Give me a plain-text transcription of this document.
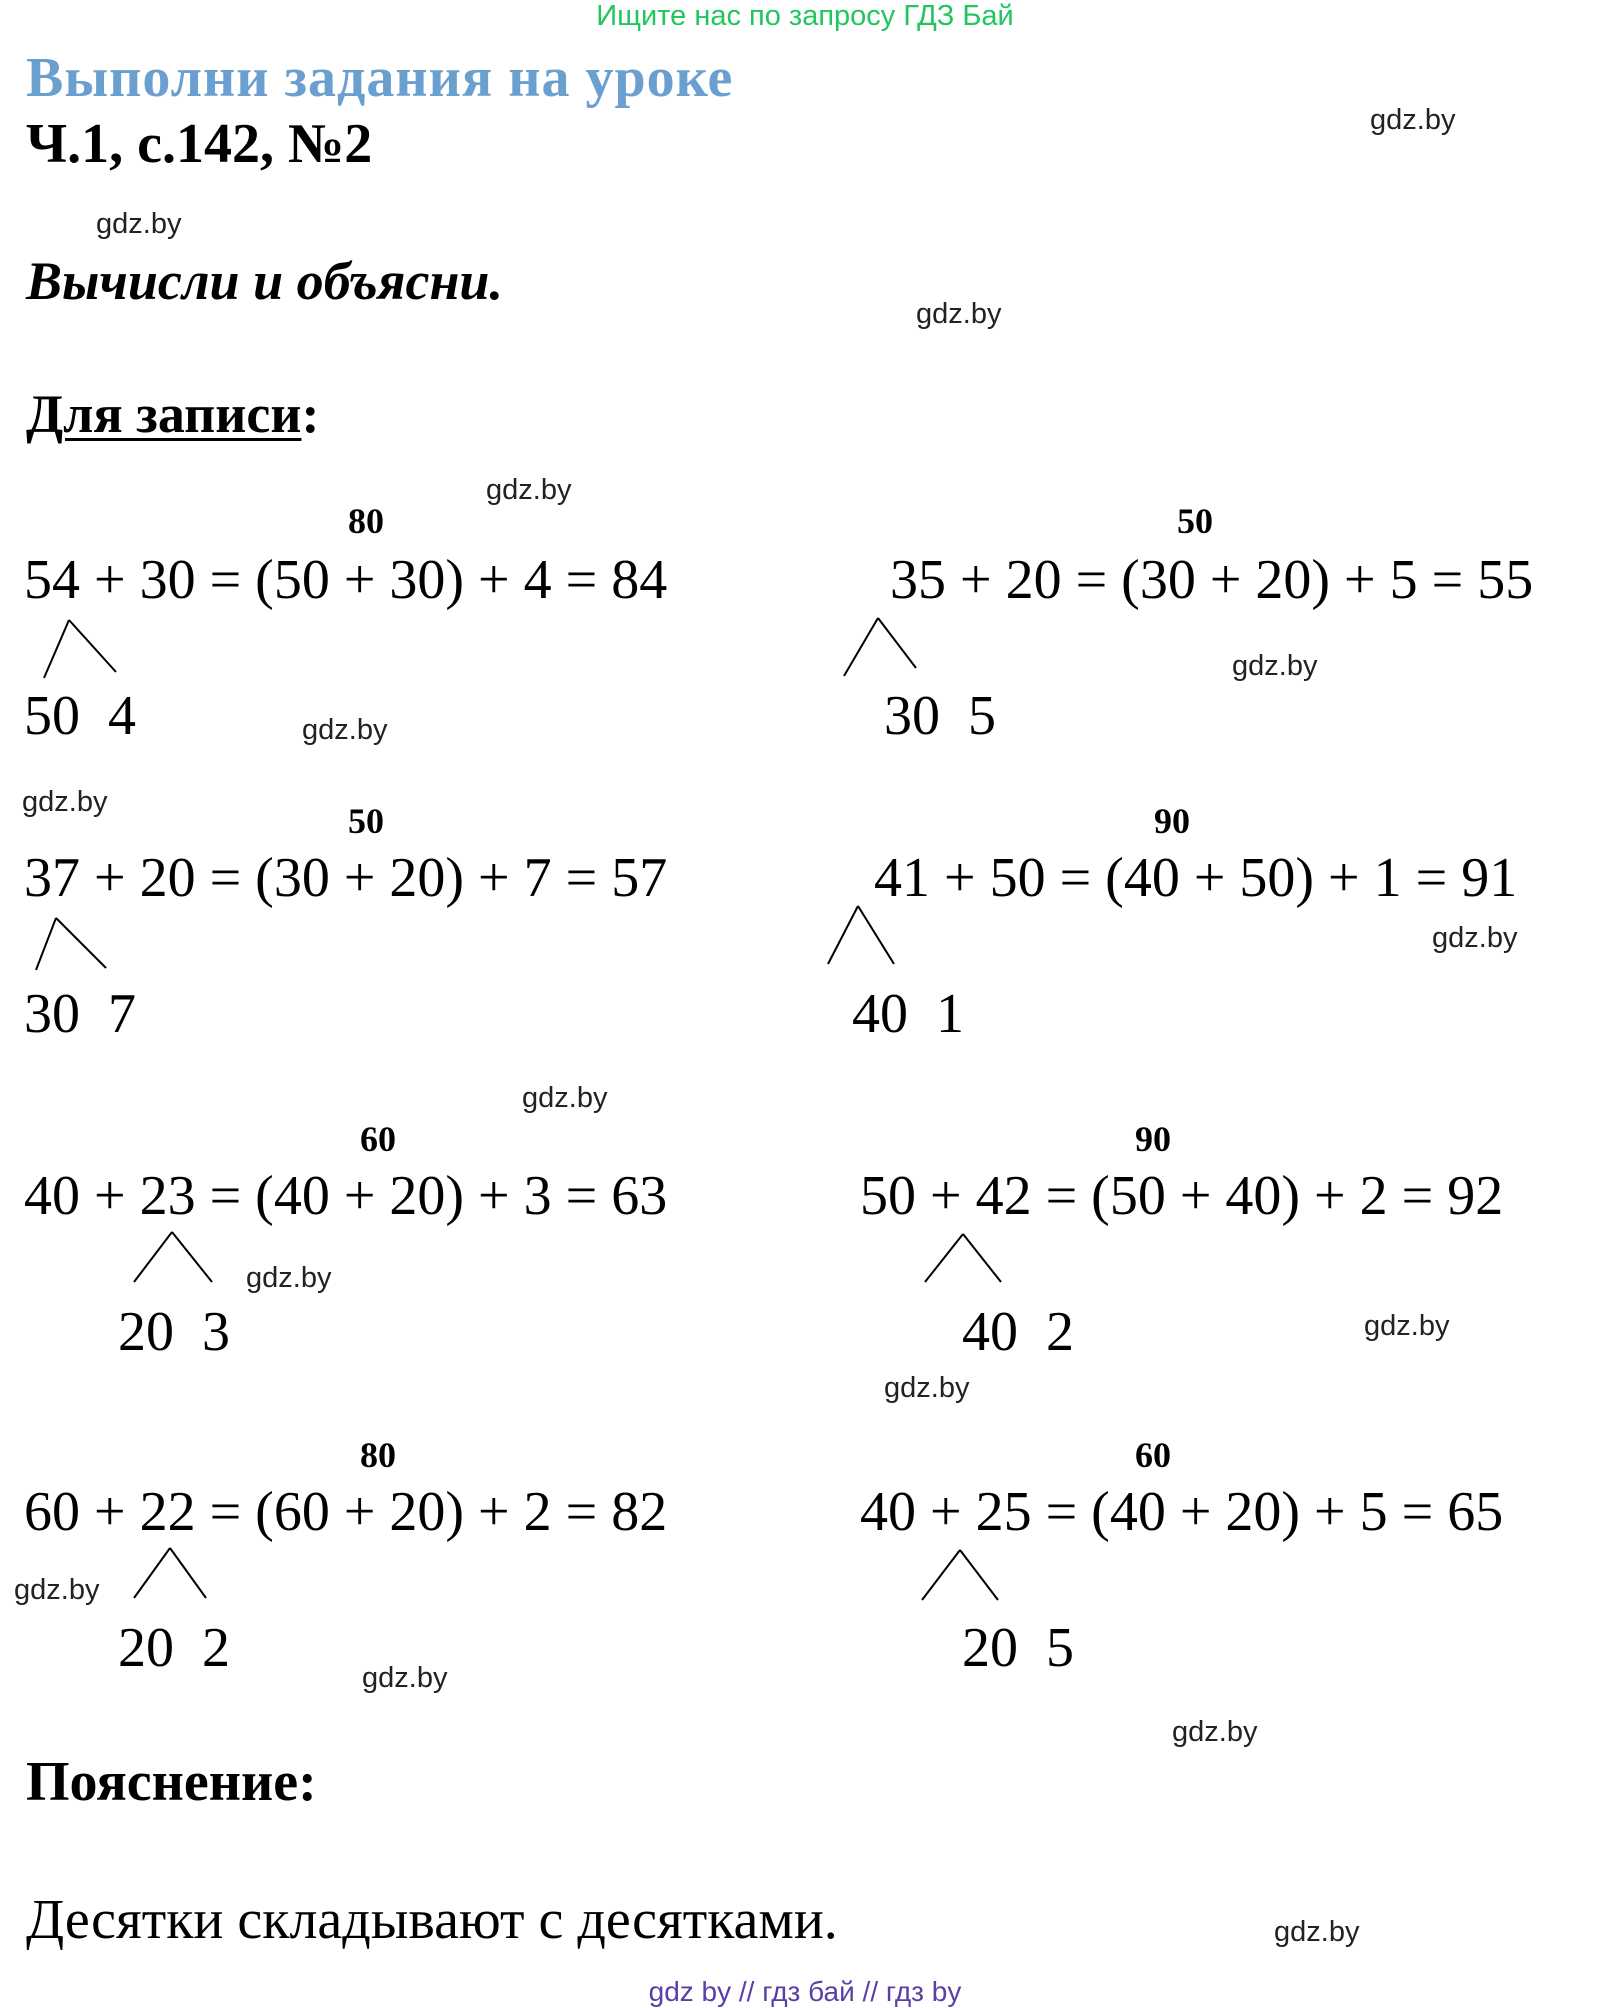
Ищите нас по запросу ГДЗ Бай
Выполни задания на уроке
Ч.1, с.142, №2
Вычисли и объясни.
Для записи:
80
54 + 30 = (50 + 30) + 4 = 84
50 4
50
35 + 20 = (30 + 20) + 5 = 55
30 5
50
37 + 20 = (30 + 20) + 7 = 57
30 7
90
41 + 50 = (40 + 50) + 1 = 91
40 1
60
40 + 23 = (40 + 20) + 3 = 63
20 3
90
50 + 42 = (50 + 40) + 2 = 92
40 2
80
60 + 22 = (60 + 20) + 2 = 82
20 2
60
40 + 25 = (40 + 20) + 5 = 65
20 5
Пояснение:
Десятки складывают с десятками.
gdz.by
gdz.by
gdz.by
gdz.by
gdz.by
gdz.by
gdz.by
gdz.by
gdz.by
gdz.by
gdz.by
gdz.by
gdz.by
gdz.by
gdz.by
gdz.by
gdz by // гдз бай // гдз by
